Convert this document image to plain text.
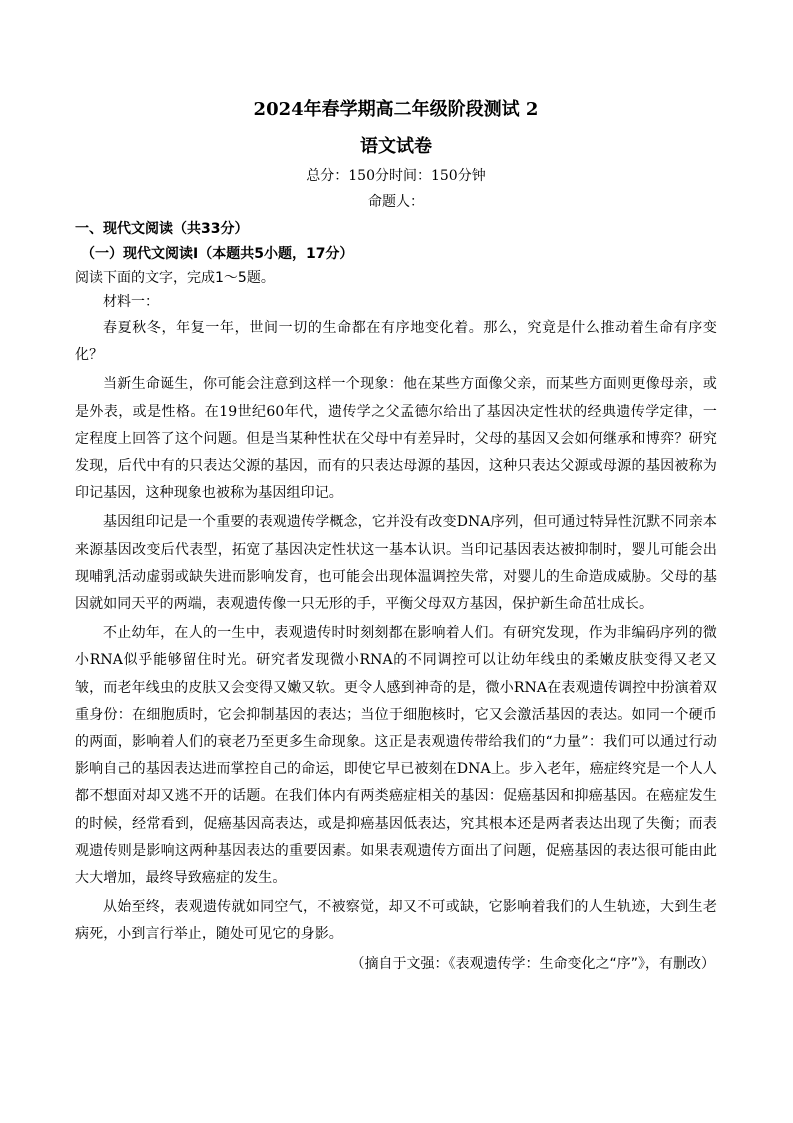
2024年春学期高二年级阶段测试 2
语文试卷
总分：150分时间：150分钟
命题人：
一、现代文阅读（共33分）
（一）现代文阅读Ⅰ（本题共5小题，17分）
阅读下面的文字，完成1～5题。
材料一：

春夏秋冬，年复一年，世间一切的生命都在有序地变化着。那么，究竟是什么推动着生命有序变化？

当新生命诞生，你可能会注意到这样一个现象：他在某些方面像父亲，而某些方面则更像母亲，或是外表，或是性格。在19世纪60年代，遗传学之父孟德尔给出了基因决定性状的经典遗传学定律，一定程度上回答了这个问题。但是当某种性状在父母中有差异时，父母的基因又会如何继承和博弈？研究发现，后代中有的只表达父源的基因，而有的只表达母源的基因，这种只表达父源或母源的基因被称为印记基因，这种现象也被称为基因组印记。

基因组印记是一个重要的表观遗传学概念，它并没有改变DNA序列，但可通过特异性沉默不同亲本来源基因改变后代表型，拓宽了基因决定性状这一基本认识。当印记基因表达被抑制时，婴儿可能会出现哺乳活动虚弱或缺失进而影响发育，也可能会出现体温调控失常，对婴儿的生命造成威胁。父母的基因就如同天平的两端，表观遗传像一只无形的手，平衡父母双方基因，保护新生命茁壮成长。

不止幼年，在人的一生中，表观遗传时时刻刻都在影响着人们。有研究发现，作为非编码序列的微小RNA似乎能够留住时光。研究者发现微小RNA的不同调控可以让幼年线虫的柔嫩皮肤变得又老又皱，而老年线虫的皮肤又会变得又嫩又软。更令人感到神奇的是，微小RNA在表观遗传调控中扮演着双重身份：在细胞质时，它会抑制基因的表达；当位于细胞核时，它又会激活基因的表达。如同一个硬币的两面，影响着人们的衰老乃至更多生命现象。这正是表观遗传带给我们的“力量”：我们可以通过行动影响自己的基因表达进而掌控自己的命运，即使它早已被刻在DNA上。步入老年，癌症终究是一个人人都不想面对却又逃不开的话题。在我们体内有两类癌症相关的基因：促癌基因和抑癌基因。在癌症发生的时候，经常看到，促癌基因高表达，或是抑癌基因低表达，究其根本还是两者表达出现了失衡；而表观遗传则是影响这两种基因表达的重要因素。如果表观遗传方面出了问题，促癌基因的表达很可能由此大大增加，最终导致癌症的发生。

从始至终，表观遗传就如同空气，不被察觉，却又不可或缺，它影响着我们的人生轨迹，大到生老病死，小到言行举止，随处可见它的身影。

（摘自于文强：《表观遗传学：生命变化之“序”》，有删改）
